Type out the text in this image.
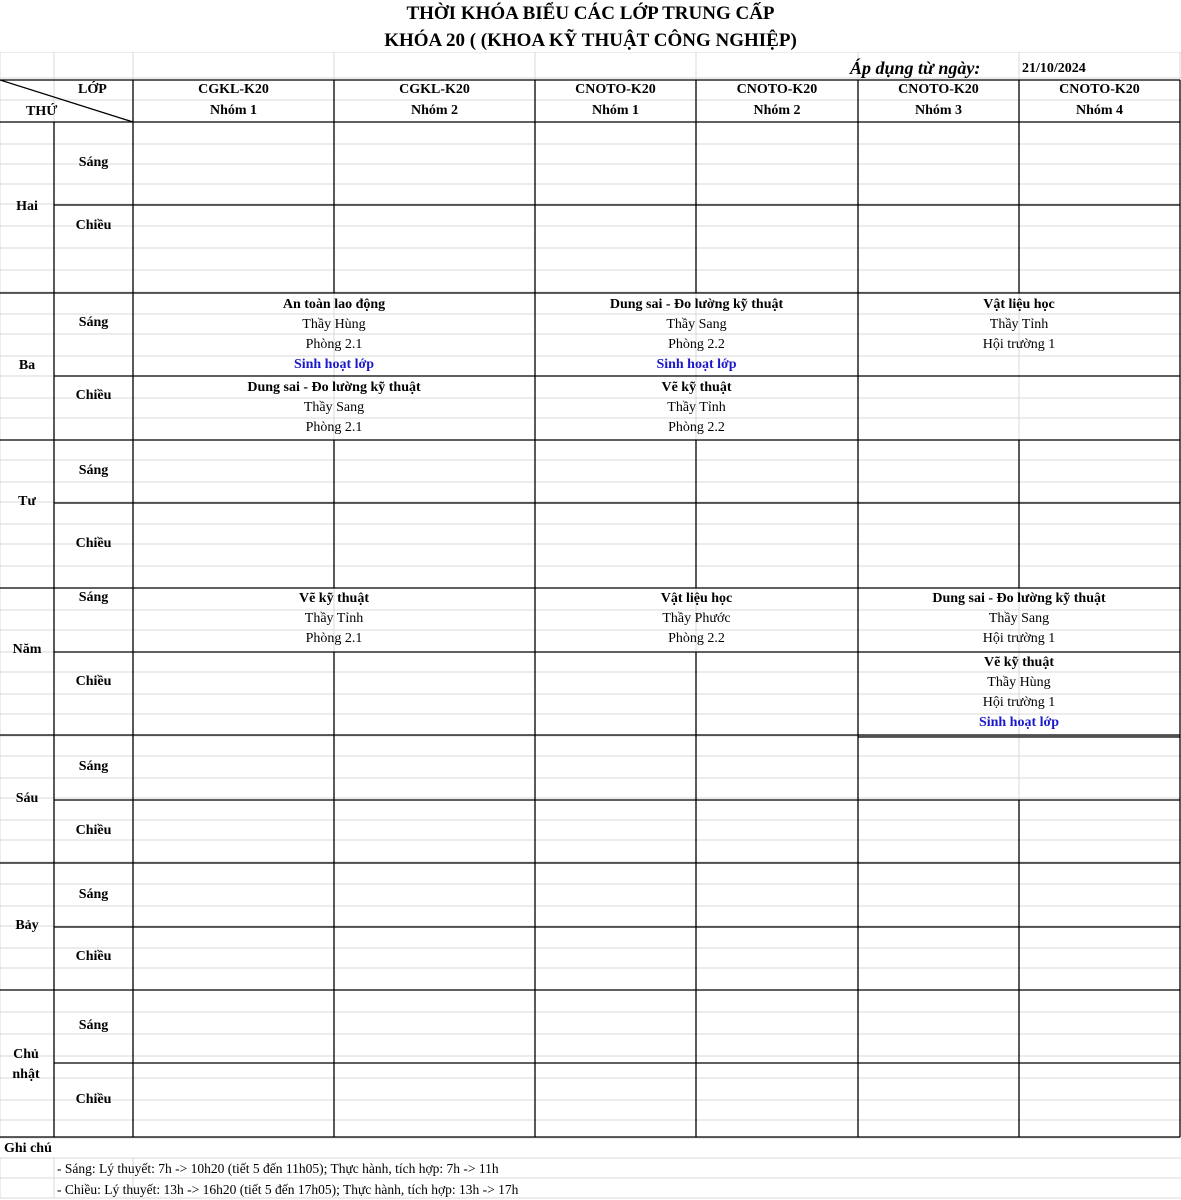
THỜI KHÓA BIỂU CÁC LỚP TRUNG CẤP
KHÓA 20 ( (KHOA KỸ THUẬT CÔNG NGHIỆP)
Áp dụng từ ngày:	21/10/2024
LỚP
THỨ
CGKL-K20
Nhóm 1
CGKL-K20
Nhóm 2
CNOTO-K20
Nhóm 1
CNOTO-K20
Nhóm 2
CNOTO-K20
Nhóm 3
CNOTO-K20
Nhóm 4
Hai
Ba
Tư
Năm
Sáu
Bảy
Chủ nhật
Sáng
Chiều
Sáng
Chiều
Sáng
Chiều
Sáng
Chiều
Sáng
Chiều
Sáng
Chiều
Sáng
Chiều
An toàn lao động
Thầy Hùng
Phòng 2.1
Sinh hoạt lớp
Dung sai - Đo lường kỹ thuật
Thầy Sang
Phòng 2.2
Sinh hoạt lớp
Vật liệu học
Thầy Tỉnh
Hội trường 1
Dung sai - Đo lường kỹ thuật
Thầy Sang
Phòng 2.1
Vẽ kỹ thuật
Thầy Tỉnh
Phòng 2.2
Vẽ kỹ thuật
Thầy Tỉnh
Phòng 2.1
Vật liệu học
Thầy Phước
Phòng 2.2
Dung sai - Đo lường kỹ thuật
Thầy Sang
Hội trường 1
Vẽ kỹ thuật
Thầy Hùng
Hội trường 1
Sinh hoạt lớp
Ghi chú
- Sáng: Lý thuyết: 7h -> 10h20 (tiết 5 đến 11h05); Thực hành, tích hợp: 7h -> 11h
- Chiều: Lý thuyết: 13h -> 16h20 (tiết 5 đến 17h05); Thực hành, tích hợp: 13h -> 17h
